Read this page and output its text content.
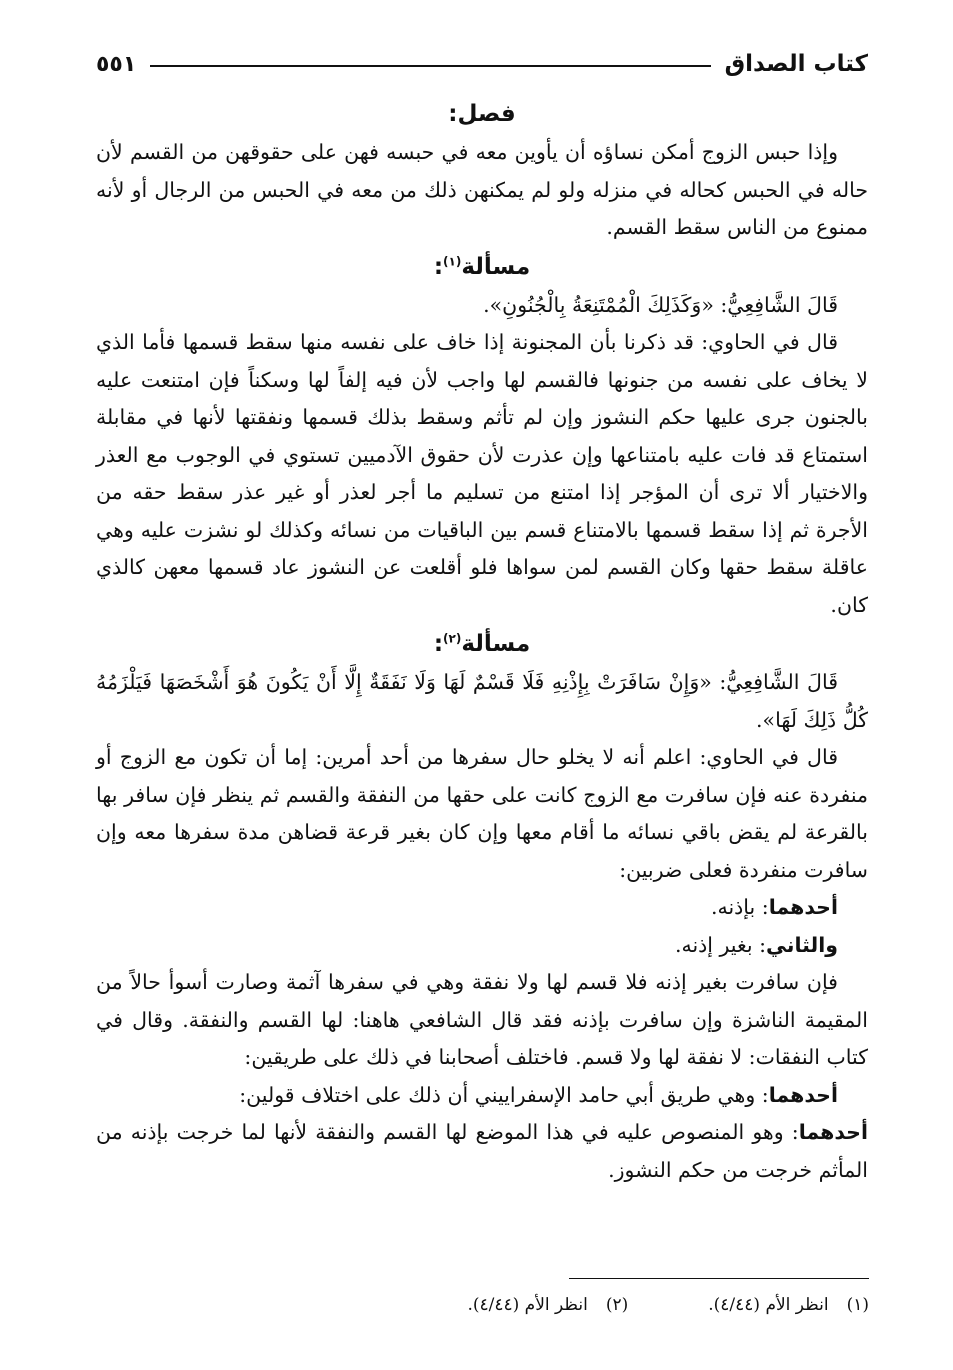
كتاب الصداق
٥٥١

فصل:

وإذا حبس الزوج أمكن نساؤه أن يأوين معه في حبسه فهن على حقوقهن من القسم لأن حاله في الحبس كحاله في منزله ولو لم يمكنهن ذلك من معه في الحبس من الرجال أو لأنه ممنوع من الناس سقط القسم.

مسألة$^{(١)}$:

قَالَ الشَّافِعِيُّ: «وَكَذَلِكَ الْمُمْتَنِعَةُ بِالْجُنُونِ».

قال في الحاوي: قد ذكرنا بأن المجنونة إذا خاف على نفسه منها سقط قسمها فأما الذي لا يخاف على نفسه من جنونها فالقسم لها واجب لأن فيه إلفاً لها وسكناً فإن امتنعت عليه بالجنون جرى عليها حكم النشوز وإن لم تأثم وسقط بذلك قسمها ونفقتها لأنها في مقابلة استمتاع قد فات عليه بامتناعها وإن عذرت لأن حقوق الآدميين تستوي في الوجوب مع العذر والاختيار ألا ترى أن المؤجر إذا امتنع من تسليم ما أجر لعذر أو غير عذر سقط حقه من الأجرة ثم إذا سقط قسمها بالامتناع قسم بين الباقيات من نسائه وكذلك لو نشزت عليه وهي عاقلة سقط حقها وكان القسم لمن سواها فلو أقلعت عن النشوز عاد قسمها معهن كالذي كان.

مسألة$^{(٢)}$:

قَالَ الشَّافِعِيُّ: «وَإِنْ سَافَرَتْ بِإِذْنِهِ فَلَا قَسْمٌ لَهَا وَلَا نَفَقَةٌ إِلَّا أَنْ يَكُونَ هُوَ أَشْخَصَهَا فَيَلْزَمُهُ كُلُّ ذَلِكَ لَهَا».

قال في الحاوي: اعلم أنه لا يخلو حال سفرها من أحد أمرين: إما أن تكون مع الزوج أو منفردة عنه فإن سافرت مع الزوج كانت على حقها من النفقة والقسم ثم ينظر فإن سافر بها بالقرعة لم يقض باقي نسائه ما أقام معها وإن كان بغير قرعة قضاهن مدة سفرها معه وإن سافرت منفردة فعلى ضربين:

أحدهما: بإذنه.

والثاني: بغير إذنه.

فإن سافرت بغير إذنه فلا قسم لها ولا نفقة وهي في سفرها آثمة وصارت أسوأ حالاً من المقيمة الناشزة وإن سافرت بإذنه فقد قال الشافعي هاهنا: لها القسم والنفقة. وقال في كتاب النفقات: لا نفقة لها ولا قسم. فاختلف أصحابنا في ذلك على طريقين:

أحدهما: وهي طريق أبي حامد الإسفراييني أن ذلك على اختلاف قولين:

أحدهما: وهو المنصوص عليه في هذا الموضع لها القسم والنفقة لأنها لما خرجت بإذنه من المأثم خرجت من حكم النشوز.

(١)انظر الأم (٤/٤٤).
(٢)انظر الأم (٤/٤٤).
